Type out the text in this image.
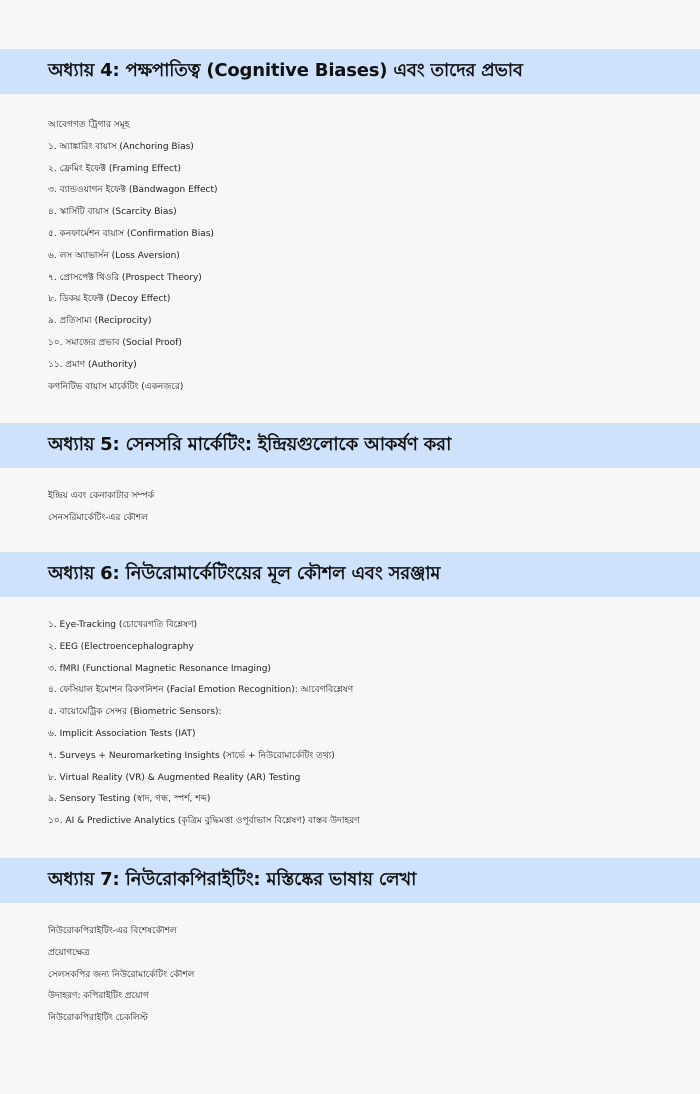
অধ্যায় 4: পক্ষপাতিত্ব (Cognitive Biases) এবং তাদের প্রভাব
আবেগগত ট্রিগার সমূহ
১. অ্যাঙ্কারিং বায়াস (Anchoring Bias)
২. ফ্রেমিং ইফেক্ট (Framing Effect)
৩. ব্যান্ডওয়াগন ইফেক্ট (Bandwagon Effect)
৪. স্কার্সিটি বায়াস (Scarcity Bias)
৫. কনফার্মেশন বায়াস (Confirmation Bias)
৬. লস অ্যাভার্সন (Loss Aversion)
৭. প্রোসপেক্ট থিওরি (Prospect Theory)
৮. ডিকয় ইফেক্ট (Decoy Effect)
৯. প্রতিসাম্য (Reciprocity)
১০. সমাজের প্রভাব (Social Proof)
১১. প্রমাণ (Authority)
কগনিটিভ বায়াস মার্কেটিং (একনজরে)
অধ্যায় 5: সেনসরি মার্কেটিং: ইন্দ্রিয়গুলোকে আকর্ষণ করা
ইন্দ্রিয় এবং কেনাকাটার সম্পর্ক
সেনসরিমার্কেটিং-এর কৌশল
অধ্যায় 6: নিউরোমার্কেটিংয়ের মূল কৌশল এবং সরঞ্জাম
১. Eye-Tracking (চোখেরগতি বিশ্লেষণ)
২. EEG (Electroencephalography
৩. fMRI (Functional Magnetic Resonance Imaging)
৪. ফেসিয়াল ইমোশন রিকগনিশন (Facial Emotion Recognition): আবেগবিশ্লেষণ
৫. বায়োমেট্রিক সেন্সর (Biometric Sensors):
৬. Implicit Association Tests (IAT)
৭. Surveys + Neuromarketing Insights (সার্ভে + নিউরোমার্কেটিং তথ্য)
৮. Virtual Reality (VR) & Augmented Reality (AR) Testing
৯. Sensory Testing (স্বাদ, গন্ধ, স্পর্শ, শব্দ)
১০. AI & Predictive Analytics (কৃত্রিম বুদ্ধিমত্তা ওপূর্বাভাস বিশ্লেষণ) বাস্তব উদাহরণ
অধ্যায় 7: নিউরোকপিরাইটিং: মস্তিষ্কের ভাষায় লেখা
নিউরোকপিরাইটিং-এর বিশেষকৌশল
প্রয়োগক্ষেত্র
সেলসকপির জন্য নিউরোমার্কেটিং কৌশল
উদাহরণ: কপিরাইটিং প্রয়োগ
নিউরোকপিরাইটিং চেকলিস্ট
